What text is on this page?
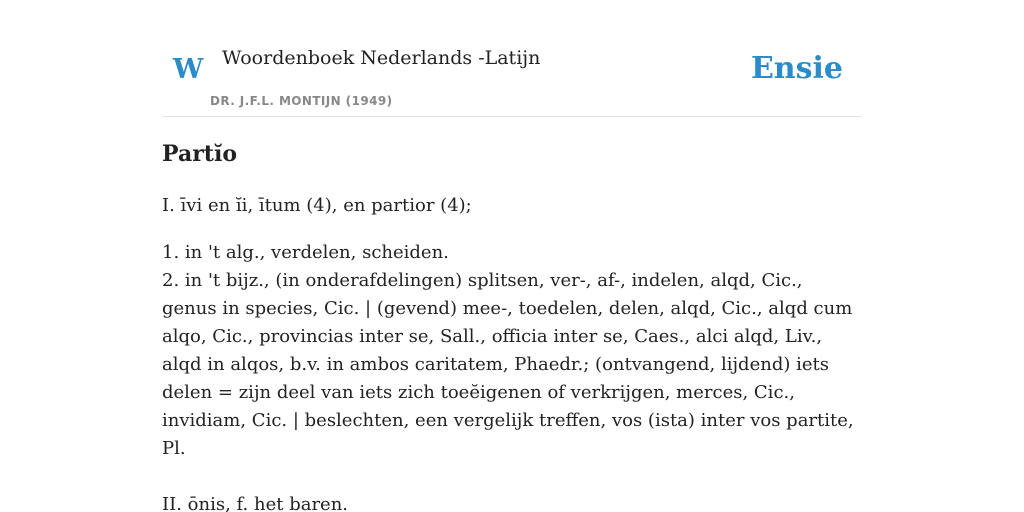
W Woordenboek Nederlands -Latijn
DR. J.F.L. MONTIJN (1949)
Ensie
Partĭo

I. īvi en ĭi, ītum (4), en partior (4);

1. in 't alg., verdelen, scheiden.

2. in 't bijz., (in onderafdelingen) splitsen, ver-, af-, indelen, alqd, Cic., genus in species, Cic. | (gevend) mee-, toedelen, delen, alqd, Cic., alqd cum alqo, Cic., provincias inter se, Sall., officia inter se, Caes., alci alqd, Liv., alqd in alqos, b.v. in ambos caritatem, Phaedr.; (ontvangend, lijdend) iets delen = zijn deel van iets zich toeĕigenen of verkrijgen, merces, Cic., invidiam, Cic. | beslechten, een vergelijk treffen, vos (ista) inter vos partite, Pl.

II. ōnis, f. het baren.
